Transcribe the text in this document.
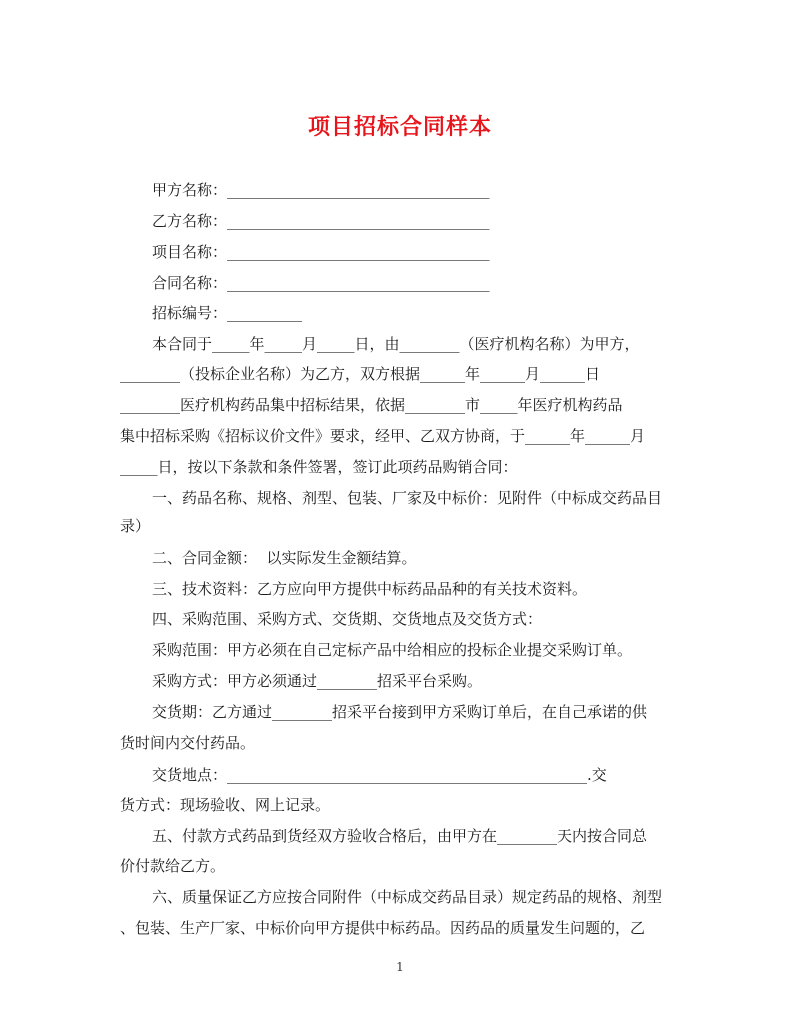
项目招标合同样本
甲方名称：___________________________________
乙方名称：___________________________________
项目名称：___________________________________
合同名称：___________________________________
招标编号：__________
本合同于_____年_____月_____日，由________（医疗机构名称）为甲方，
________（投标企业名称）为乙方，双方根据______年______月______日
________医疗机构药品集中招标结果，依据________市_____年医疗机构药品
集中招标采购《招标议价文件》要求，经甲、乙双方协商，于______年______月
_____日，按以下条款和条件签署，签订此项药品购销合同：
一、药品名称、规格、剂型、包装、厂家及中标价：见附件（中标成交药品目
录）
二、合同金额：  以实际发生金额结算。
三、技术资料：乙方应向甲方提供中标药品品种的有关技术资料。
四、采购范围、采购方式、交货期、交货地点及交货方式：
采购范围：甲方必须在自己定标产品中给相应的投标企业提交采购订单。
采购方式：甲方必须通过________招采平台采购。
交货期：乙方通过________招采平台接到甲方采购订单后，在自己承诺的供
货时间内交付药品。
交货地点：________________________________________________.交
货方式：现场验收、网上记录。
五、付款方式药品到货经双方验收合格后，由甲方在________天内按合同总
价付款给乙方。
六、质量保证乙方应按合同附件（中标成交药品目录）规定药品的规格、剂型
、包装、生产厂家、中标价向甲方提供中标药品。因药品的质量发生问题的，乙
1
